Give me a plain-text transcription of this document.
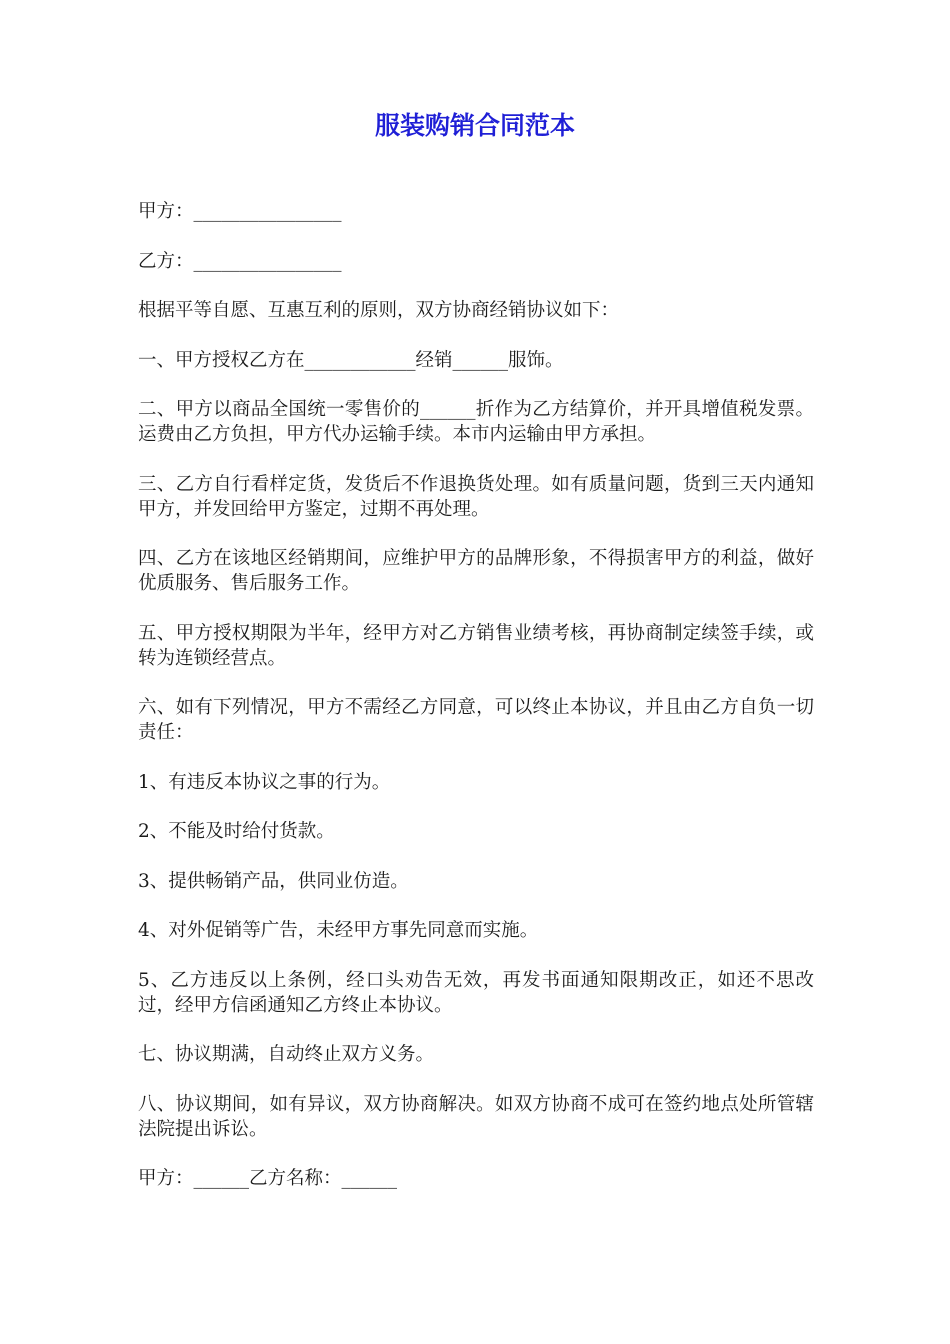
服装购销合同范本

甲方：________________

乙方：________________

根据平等自愿、互惠互利的原则，双方协商经销协议如下：

一、甲方授权乙方在____________经销______服饰。

二、甲方以商品全国统一零售价的______折作为乙方结算价，并开具增值税发票。运费由乙方负担，甲方代办运输手续。本市内运输由甲方承担。

三、乙方自行看样定货，发货后不作退换货处理。如有质量问题，货到三天内通知甲方，并发回给甲方鉴定，过期不再处理。

四、乙方在该地区经销期间，应维护甲方的品牌形象，不得损害甲方的利益，做好优质服务、售后服务工作。

五、甲方授权期限为半年，经甲方对乙方销售业绩考核，再协商制定续签手续，或转为连锁经营点。

六、如有下列情况，甲方不需经乙方同意，可以终止本协议，并且由乙方自负一切责任：

1、有违反本协议之事的行为。

2、不能及时给付货款。

3、提供畅销产品，供同业仿造。

4、对外促销等广告，未经甲方事先同意而实施。

5、乙方违反以上条例，经口头劝告无效，再发书面通知限期改正，如还不思改过，经甲方信函通知乙方终止本协议。

七、协议期满，自动终止双方义务。

八、协议期间，如有异议，双方协商解决。如双方协商不成可在签约地点处所管辖法院提出诉讼。

甲方：______乙方名称：______
